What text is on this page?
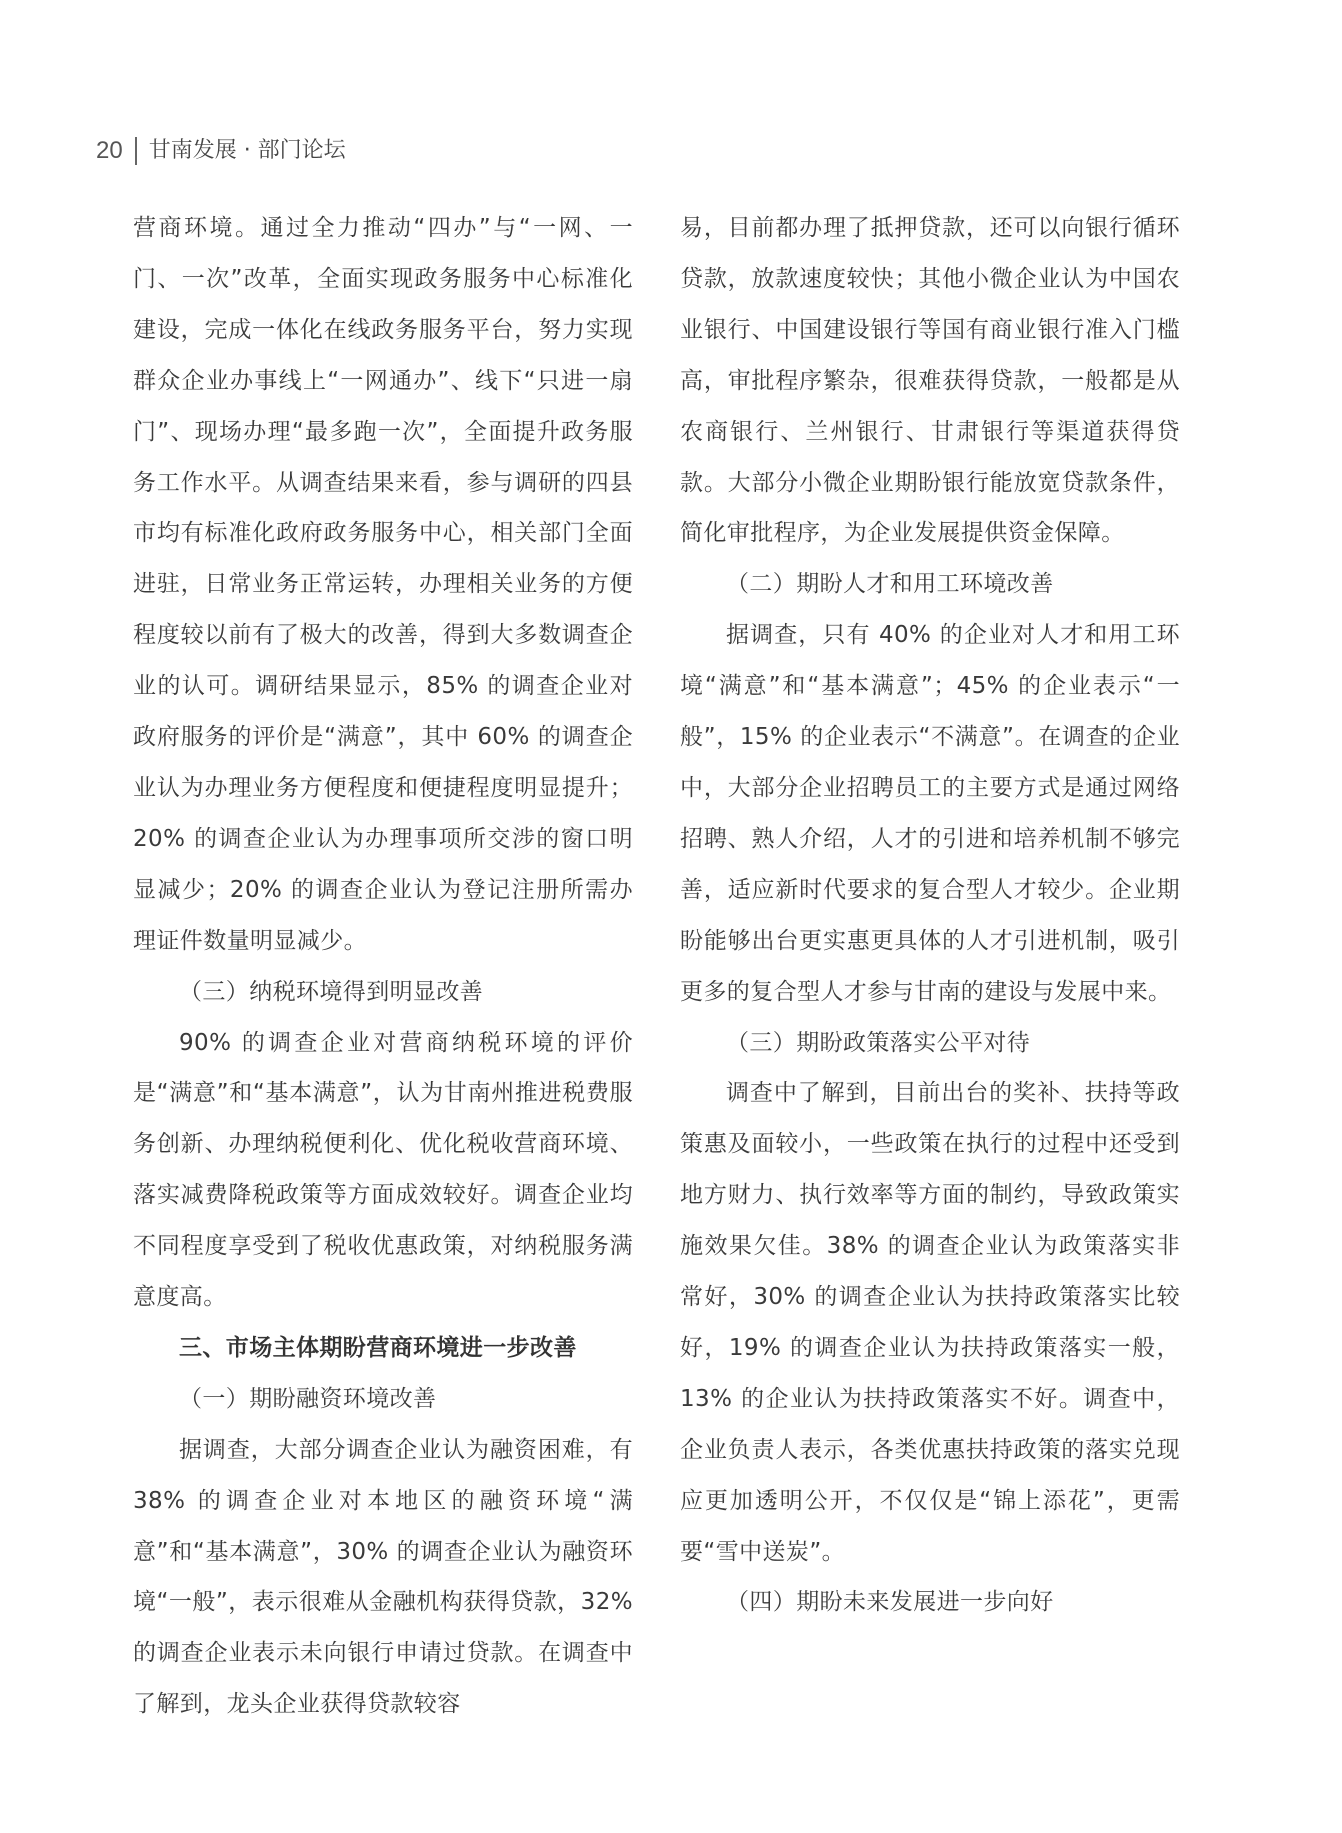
20 甘南发展 · 部门论坛

营商环境。通过全力推动“四办”与“一网、一门、一次”改革，全面实现政务服务中心标准化建设，完成一体化在线政务服务平台，努力实现群众企业办事线上“一网通办”、线下“只进一扇门”、现场办理“最多跑一次”，全面提升政务服务工作水平。从调查结果来看，参与调研的四县市均有标准化政府政务服务中心，相关部门全面进驻，日常业务正常运转，办理相关业务的方便程度较以前有了极大的改善，得到大多数调查企业的认可。调研结果显示，85% 的调查企业对政府服务的评价是“满意”，其中 60% 的调查企业认为办理业务方便程度和便捷程度明显提升；20% 的调查企业认为办理事项所交涉的窗口明显减少；20% 的调查企业认为登记注册所需办理证件数量明显减少。

（三）纳税环境得到明显改善

90% 的调查企业对营商纳税环境的评价是“满意”和“基本满意”，认为甘南州推进税费服务创新、办理纳税便利化、优化税收营商环境、落实减费降税政策等方面成效较好。调查企业均不同程度享受到了税收优惠政策，对纳税服务满意度高。

三、市场主体期盼营商环境进一步改善

（一）期盼融资环境改善

据调查，大部分调查企业认为融资困难，有 38% 的调查企业对本地区的融资环境“满意”和“基本满意”，30% 的调查企业认为融资环境“一般”，表示很难从金融机构获得贷款，32% 的调查企业表示未向银行申请过贷款。在调查中了解到，龙头企业获得贷款较容

易，目前都办理了抵押贷款，还可以向银行循环贷款，放款速度较快；其他小微企业认为中国农业银行、中国建设银行等国有商业银行准入门槛高，审批程序繁杂，很难获得贷款，一般都是从农商银行、兰州银行、甘肃银行等渠道获得贷款。大部分小微企业期盼银行能放宽贷款条件，简化审批程序，为企业发展提供资金保障。

（二）期盼人才和用工环境改善

据调查，只有 40% 的企业对人才和用工环境“满意”和“基本满意”；45% 的企业表示“一般”，15% 的企业表示“不满意”。在调查的企业中，大部分企业招聘员工的主要方式是通过网络招聘、熟人介绍，人才的引进和培养机制不够完善，适应新时代要求的复合型人才较少。企业期盼能够出台更实惠更具体的人才引进机制，吸引更多的复合型人才参与甘南的建设与发展中来。

（三）期盼政策落实公平对待

调查中了解到，目前出台的奖补、扶持等政策惠及面较小，一些政策在执行的过程中还受到地方财力、执行效率等方面的制约，导致政策实施效果欠佳。38% 的调查企业认为政策落实非常好，30% 的调查企业认为扶持政策落实比较好，19% 的调查企业认为扶持政策落实一般，13% 的企业认为扶持政策落实不好。调查中，企业负责人表示，各类优惠扶持政策的落实兑现应更加透明公开，不仅仅是“锦上添花”，更需要“雪中送炭”。

（四）期盼未来发展进一步向好
